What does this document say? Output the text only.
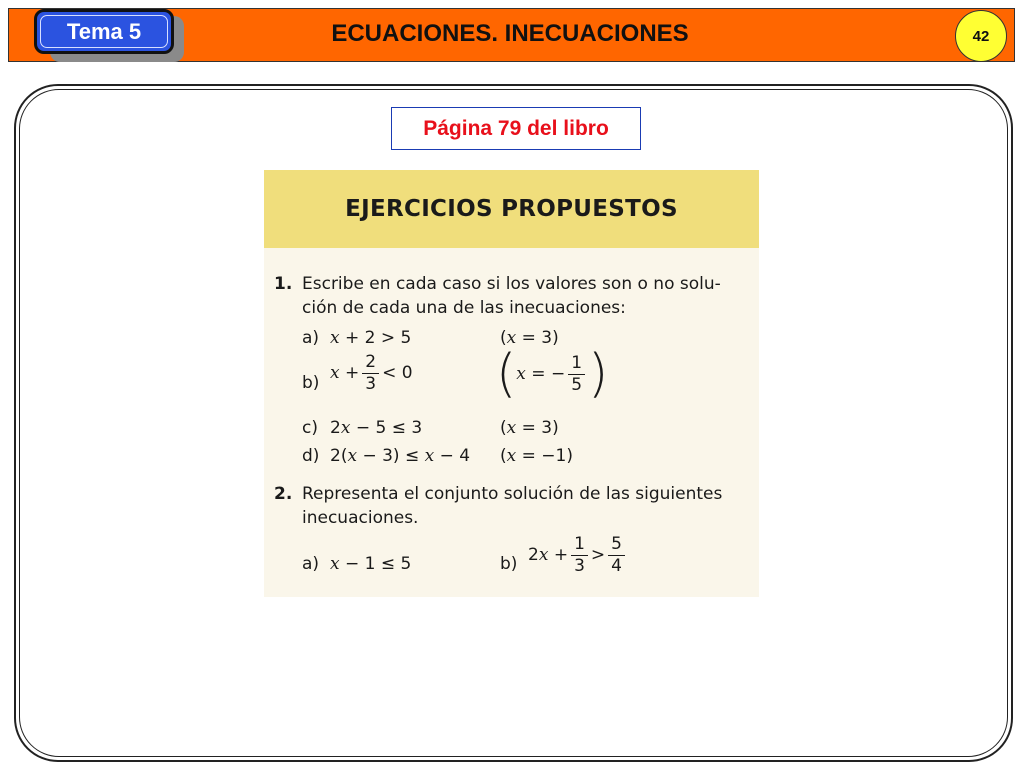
Tema 5	ECUACIONES. INECUACIONES	42
Página 79 del libro
EJERCICIOS PROPUESTOS
1. Escribe en cada caso si los valores son o no solu-
ción de cada una de las inecuaciones:
a) x + 2 > 5	(x = 3)
b) $x + \frac{2}{3} < 0$ (x = − $\frac{1}{5}$ )
c) 2x − 5 ≤ 3	(x = 3)
d) 2(x − 3) ≤ x − 4 (x = −1)
2. Representa el conjunto solución de las siguientes
inecuaciones.
a) x − 1 ≤ 5	b) $2x + \frac{1}{3} > \frac{5}{4}$
